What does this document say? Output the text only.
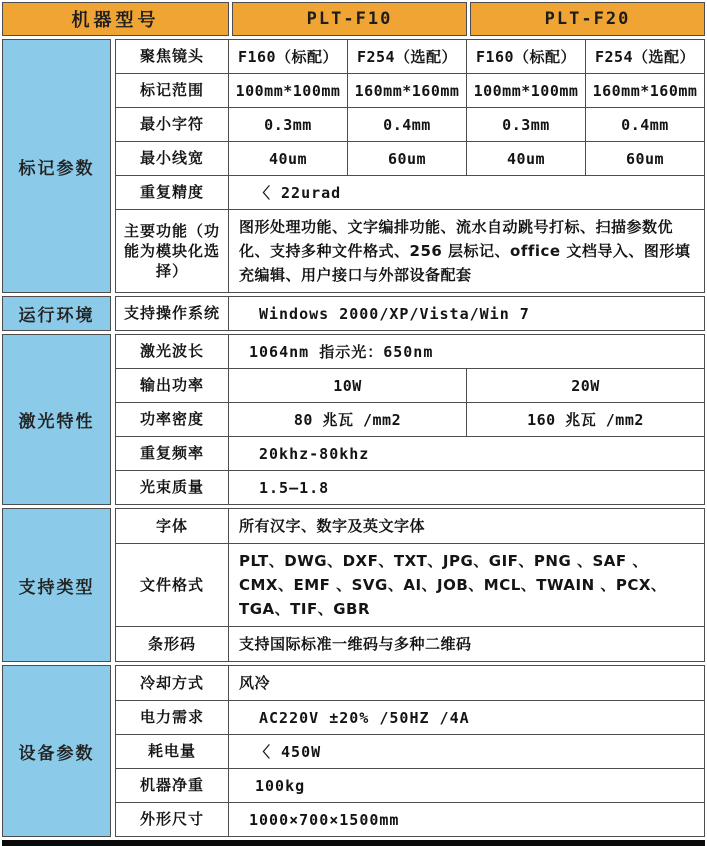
机器型号	PLT-F10	PLT-F20
标记参数
聚焦镜头	F160（标配）	F254（选配）	F160（标配）	F254（选配）
标记范围	100mm*100mm	160mm*160mm	100mm*100mm	160mm*160mm
最小字符	0.3mm	0.4mm	0.3mm	0.4mm
最小线宽	40um	60um	40um	60um
重复精度	〈 22urad			
主要功能（功能为模块化选择）	图形处理功能、文字编排功能、流水自动跳号打标、扫描参数优化、支持多种文件格式、256 层标记、office 文档导入、图形填充编辑、用户接口与外部设备配套			
运行环境	支持操作系统	Windows 2000/XP/Vista/Win 7
激光特性
激光波长	1064nm 指示光：650nm	
输出功率	10W	20W
功率密度	80 兆瓦 /mm2	160 兆瓦 /mm2
重复频率	20khz-80khz	
光束质量	1.5—1.8	
支持类型
字体	所有汉字、数字及英文字体
文件格式	PLT、DWG、DXF、TXT、JPG、GIF、PNG 、SAF 、CMX、EMF 、SVG、AI、JOB、MCL、TWAIN 、PCX、TGA、TIF、GBR
条形码	支持国际标准一维码与多种二维码
设备参数
冷却方式	风冷
电力需求	AC220V ±20% /50HZ /4A
耗电量	〈 450W
机器净重	100kg
外形尺寸	1000×700×1500mm
